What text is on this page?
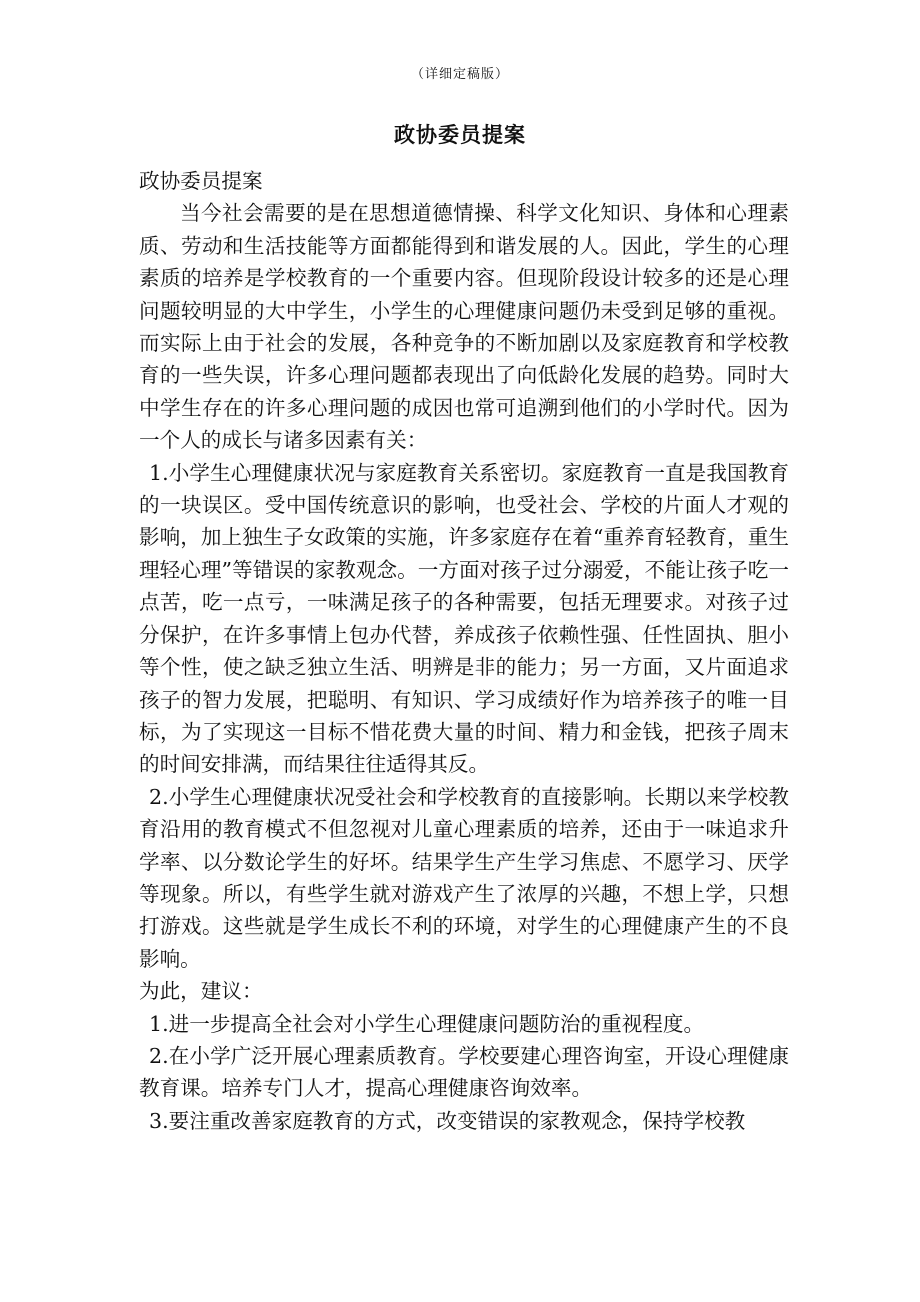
（详细定稿版）
政协委员提案

政协委员提案

当今社会需要的是在思想道德情操、科学文化知识、身体和心理素质、劳动和生活技能等方面都能得到和谐发展的人。因此，学生的心理素质的培养是学校教育的一个重要内容。但现阶段设计较多的还是心理问题较明显的大中学生，小学生的心理健康问题仍未受到足够的重视。而实际上由于社会的发展，各种竞争的不断加剧以及家庭教育和学校教育的一些失误，许多心理问题都表现出了向低龄化发展的趋势。同时大中学生存在的许多心理问题的成因也常可追溯到他们的小学时代。因为一个人的成长与诸多因素有关：

1.小学生心理健康状况与家庭教育关系密切。家庭教育一直是我国教育的一块误区。受中国传统意识的影响，也受社会、学校的片面人才观的影响，加上独生子女政策的实施，许多家庭存在着“重养育轻教育，重生理轻心理”等错误的家教观念。一方面对孩子过分溺爱，不能让孩子吃一点苦，吃一点亏，一味满足孩子的各种需要，包括无理要求。对孩子过分保护，在许多事情上包办代替，养成孩子依赖性强、任性固执、胆小等个性，使之缺乏独立生活、明辨是非的能力；另一方面，又片面追求孩子的智力发展，把聪明、有知识、学习成绩好作为培养孩子的唯一目标，为了实现这一目标不惜花费大量的时间、精力和金钱，把孩子周末的时间安排满，而结果往往适得其反。

2.小学生心理健康状况受社会和学校教育的直接影响。长期以来学校教育沿用的教育模式不但忽视对儿童心理素质的培养，还由于一味追求升学率、以分数论学生的好坏。结果学生产生学习焦虑、不愿学习、厌学等现象。所以，有些学生就对游戏产生了浓厚的兴趣，不想上学，只想打游戏。这些就是学生成长不利的环境，对学生的心理健康产生的不良影响。

为此，建议：

1.进一步提高全社会对小学生心理健康问题防治的重视程度。

2.在小学广泛开展心理素质教育。学校要建心理咨询室，开设心理健康教育课。培养专门人才，提高心理健康咨询效率。

3.要注重改善家庭教育的方式，改变错误的家教观念，保持学校教
